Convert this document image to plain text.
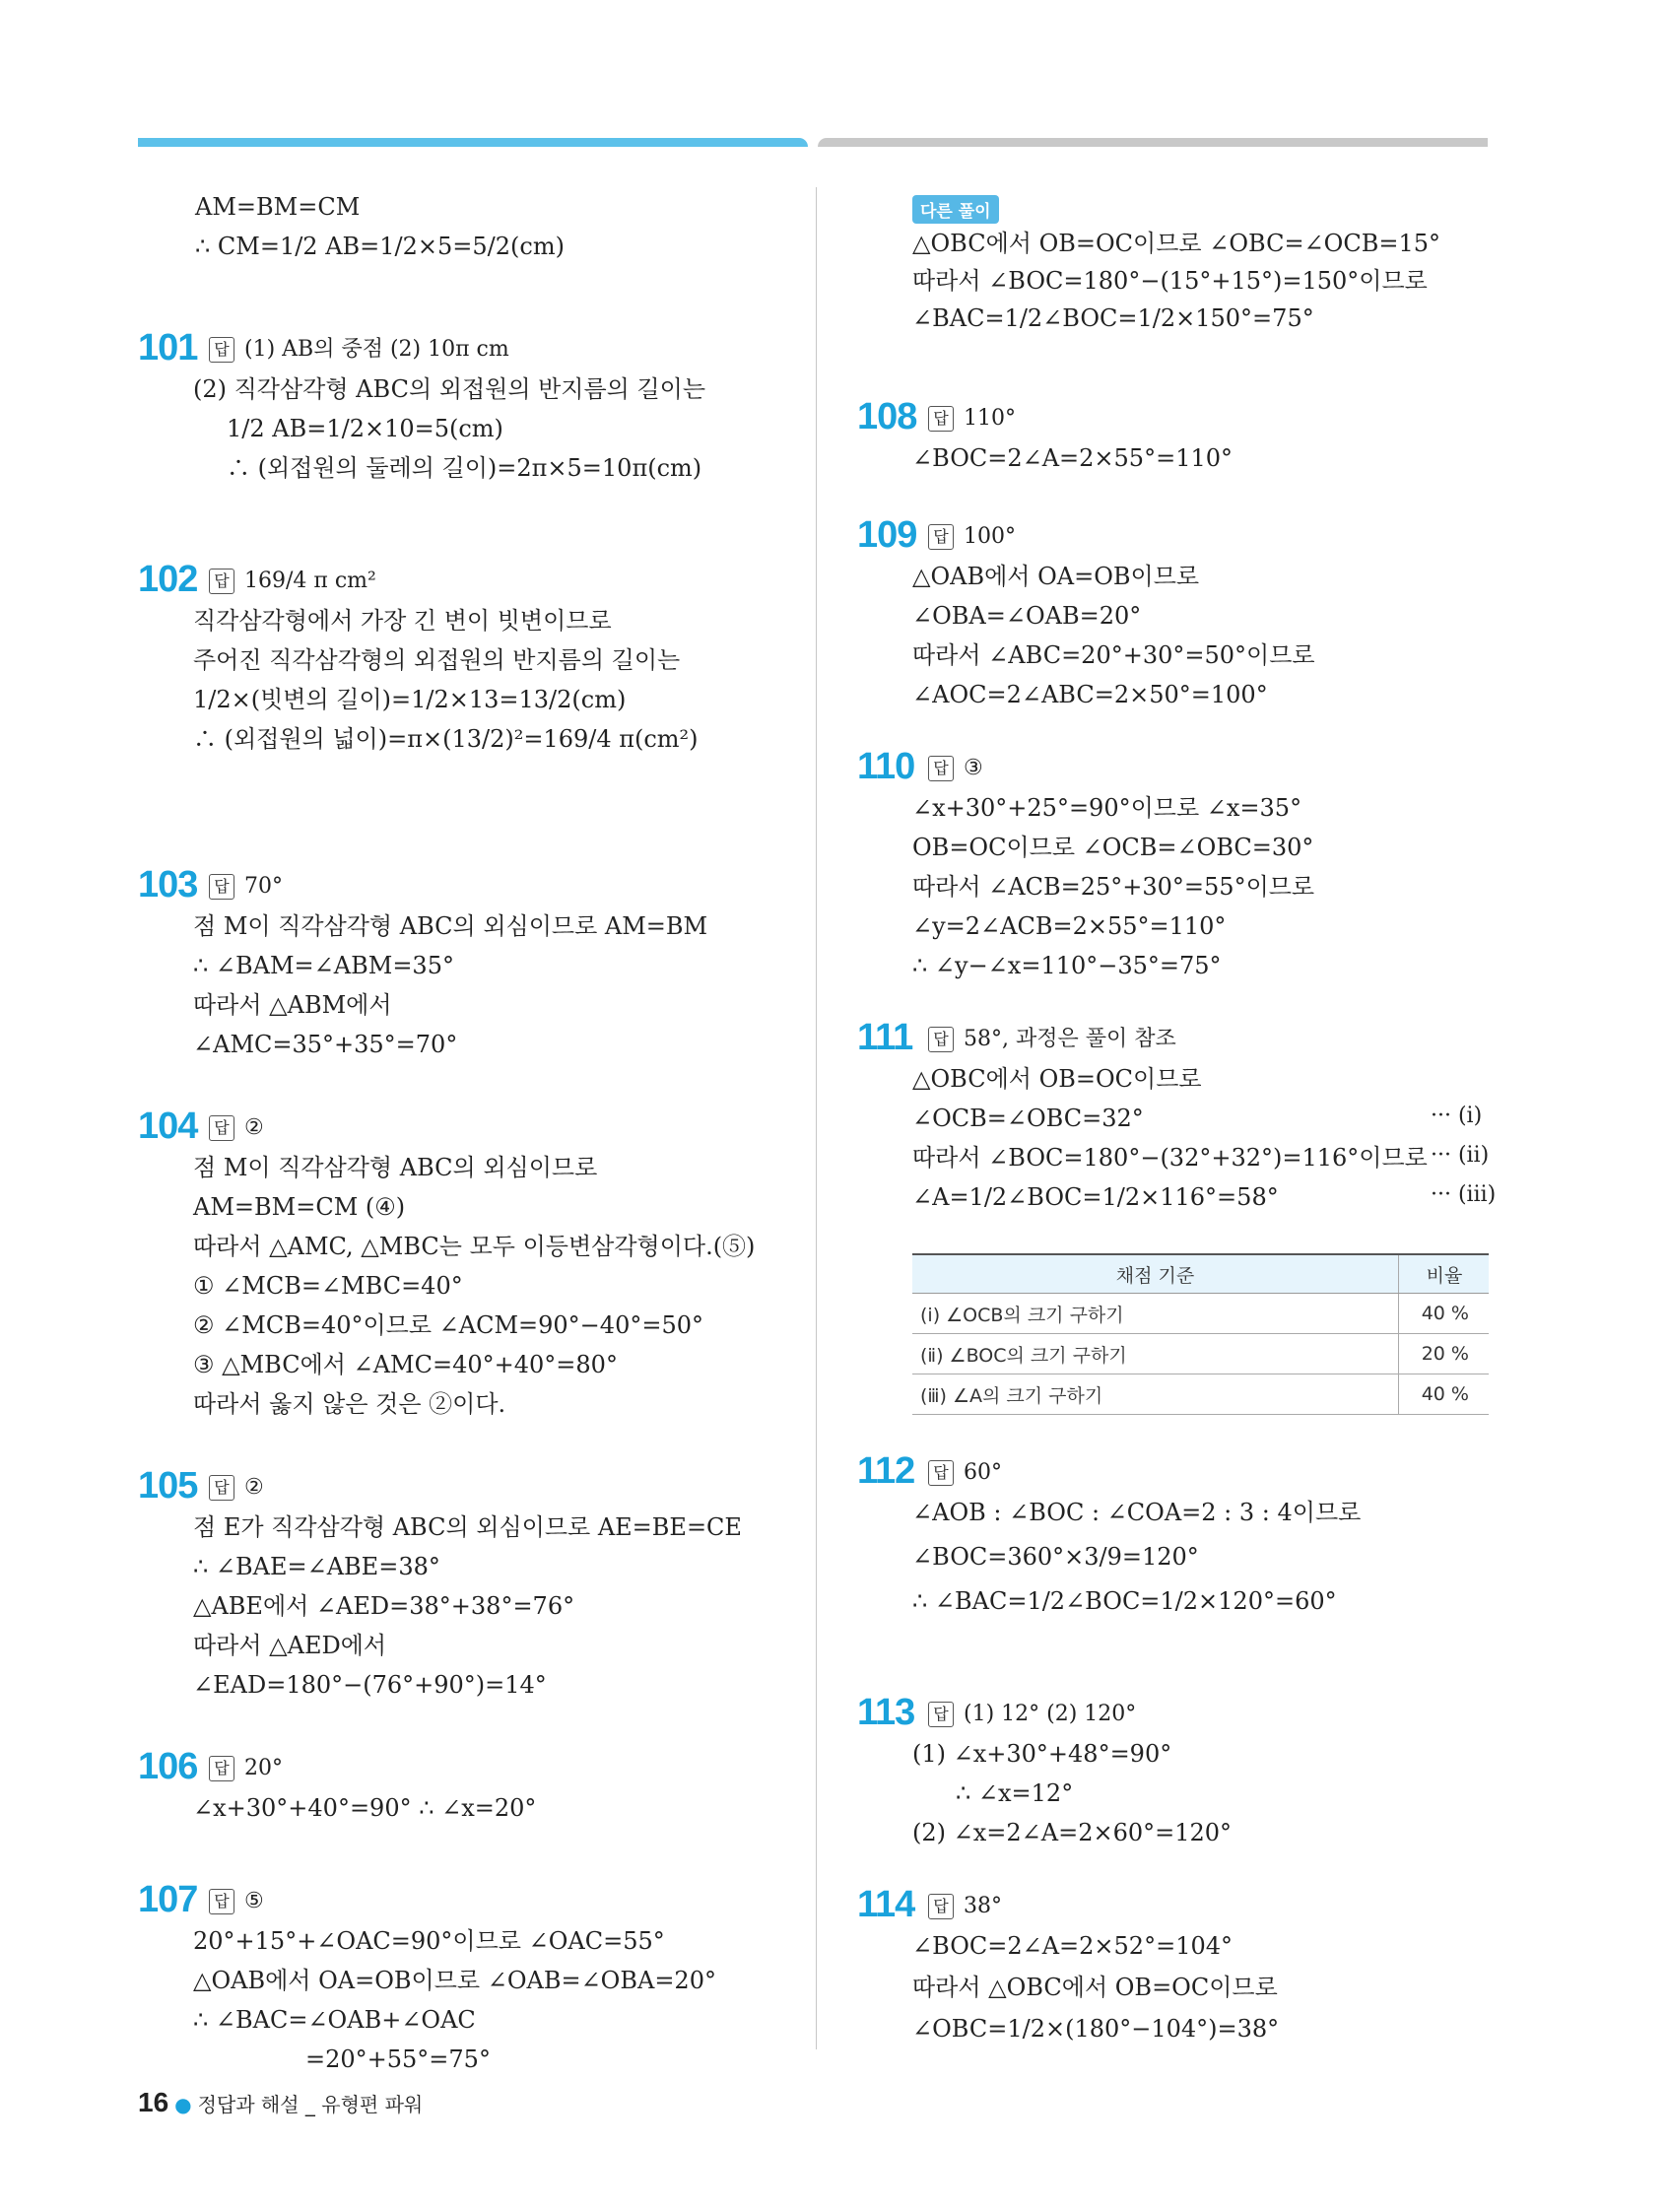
AM=BM=CM
∴ CM=1/2 AB=1/2×5=5/2(cm)
101	답 (1) AB의 중점 (2) 10π cm
(2) 직각삼각형 ABC의 외접원의 반지름의 길이는
1/2 AB=1/2×10=5(cm)
∴ (외접원의 둘레의 길이)=2π×5=10π(cm)
102	답 169/4 π cm²
직각삼각형에서 가장 긴 변이 빗변이므로
주어진 직각삼각형의 외접원의 반지름의 길이는
1/2×(빗변의 길이)=1/2×13=13/2(cm)
∴ (외접원의 넓이)=π×(13/2)²=169/4 π(cm²)
103	답 70°
점 M이 직각삼각형 ABC의 외심이므로 AM=BM
∴ ∠BAM=∠ABM=35°
따라서 △ABM에서
∠AMC=35°+35°=70°
104	답 ②
점 M이 직각삼각형 ABC의 외심이므로
AM=BM=CM (④)
따라서 △AMC, △MBC는 모두 이등변삼각형이다.(⑤)
① ∠MCB=∠MBC=40°
② ∠MCB=40°이므로 ∠ACM=90°−40°=50°
③ △MBC에서 ∠AMC=40°+40°=80°
따라서 옳지 않은 것은 ②이다.
105	답 ②
점 E가 직각삼각형 ABC의 외심이므로 AE=BE=CE
∴ ∠BAE=∠ABE=38°
△ABE에서 ∠AED=38°+38°=76°
따라서 △AED에서
∠EAD=180°−(76°+90°)=14°
106	답 20°
∠x+30°+40°=90° ∴ ∠x=20°
107	답 ⑤
20°+15°+∠OAC=90°이므로 ∠OAC=55°
△OAB에서 OA=OB이므로 ∠OAB=∠OBA=20°
∴ ∠BAC=∠OAB+∠OAC
=20°+55°=75°
108	답 110°
∠BOC=2∠A=2×55°=110°
109	답 100°
△OAB에서 OA=OB이므로
∠OBA=∠OAB=20°
따라서 ∠ABC=20°+30°=50°이므로
∠AOC=2∠ABC=2×50°=100°
110	답 ③
∠x+30°+25°=90°이므로 ∠x=35°
OB=OC이므로 ∠OCB=∠OBC=30°
따라서 ∠ACB=25°+30°=55°이므로
∠y=2∠ACB=2×55°=110°
∴ ∠y−∠x=110°−35°=75°
111	답 58°, 과정은 풀이 참조
△OBC에서 OB=OC이므로
∠OCB=∠OBC=32°
따라서 ∠BOC=180°−(32°+32°)=116°이므로
∠A=1/2∠BOC=1/2×116°=58°
112	답 60°
∠AOB : ∠BOC : ∠COA=2 : 3 : 4이므로
∠BOC=360°×3/9=120°
∴ ∠BAC=1/2∠BOC=1/2×120°=60°
113	답 (1) 12° (2) 120°
(1) ∠x+30°+48°=90°
∴ ∠x=12°
(2) ∠x=2∠A=2×60°=120°
114	답 38°
∠BOC=2∠A=2×52°=104°
따라서 △OBC에서 OB=OC이므로
∠OBC=1/2×(180°−104°)=38°
다른 풀이
△OBC에서 OB=OC이므로 ∠OBC=∠OCB=15°
따라서 ∠BOC=180°−(15°+15°)=150°이므로
∠BAC=1/2∠BOC=1/2×150°=75°
··· (ⅰ)
··· (ⅱ)
··· (ⅲ)
채점 기준	비율
(ⅰ) ∠OCB의 크기 구하기	40 %
(ⅱ) ∠BOC의 크기 구하기	20 %
(ⅲ) ∠A의 크기 구하기	40 %
16 ● 정답과 해설 _ 유형편 파워
